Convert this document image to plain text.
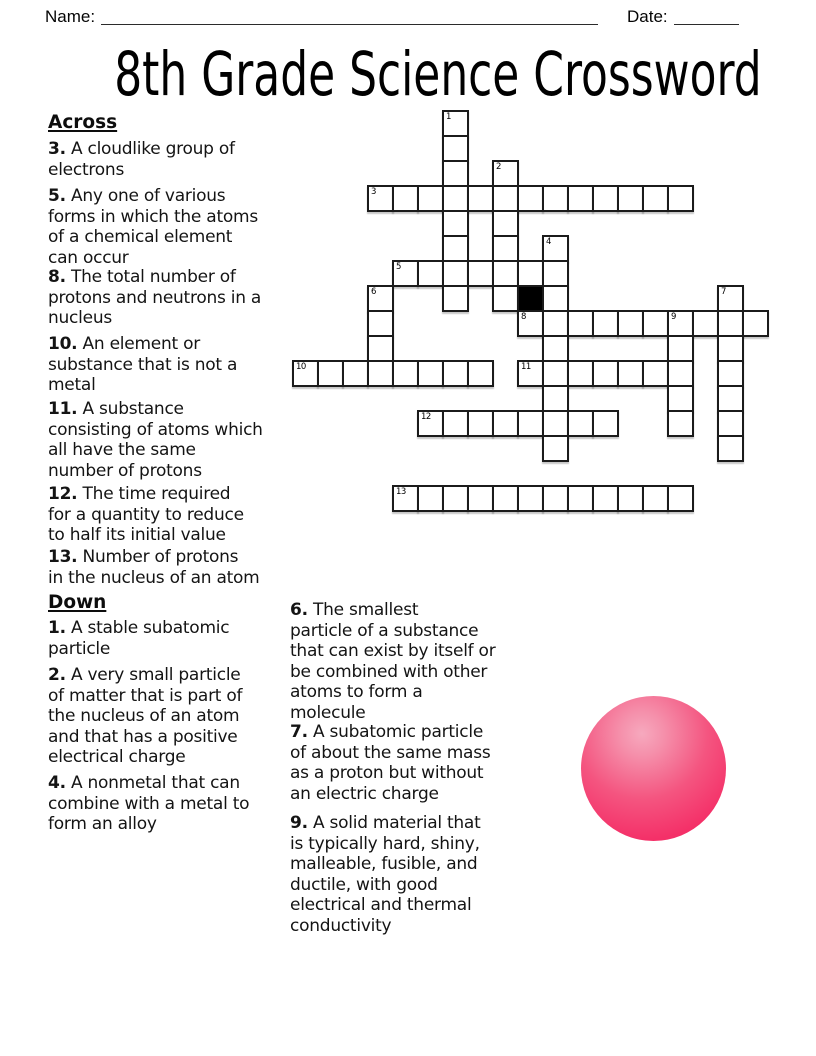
Name:	Date:
8th Grade Science Crossword
Across
Down
3. A cloudlike group of
electrons
5. Any one of various
forms in which the atoms
of a chemical element
can occur
8. The total number of
protons and neutrons in a
nucleus
10. An element or
substance that is not a
metal
11. A substance
consisting of atoms which
all have the same
number of protons
12. The time required
for a quantity to reduce
to half its initial value
13. Number of protons
in the nucleus of an atom
1. A stable subatomic
particle
2. A very small particle
of matter that is part of
the nucleus of an atom
and that has a positive
electrical charge
4. A nonmetal that can
combine with a metal to
form an alloy
6. The smallest
particle of a substance
that can exist by itself or
be combined with other
atoms to form a
molecule
7. A subatomic particle
of about the same mass
as a proton but without
an electric charge
9. A solid material that
is typically hard, shiny,
malleable, fusible, and
ductile, with good
electrical and thermal
conductivity
1
2
3
4
5
6	7
8	9
10	11
12
13
